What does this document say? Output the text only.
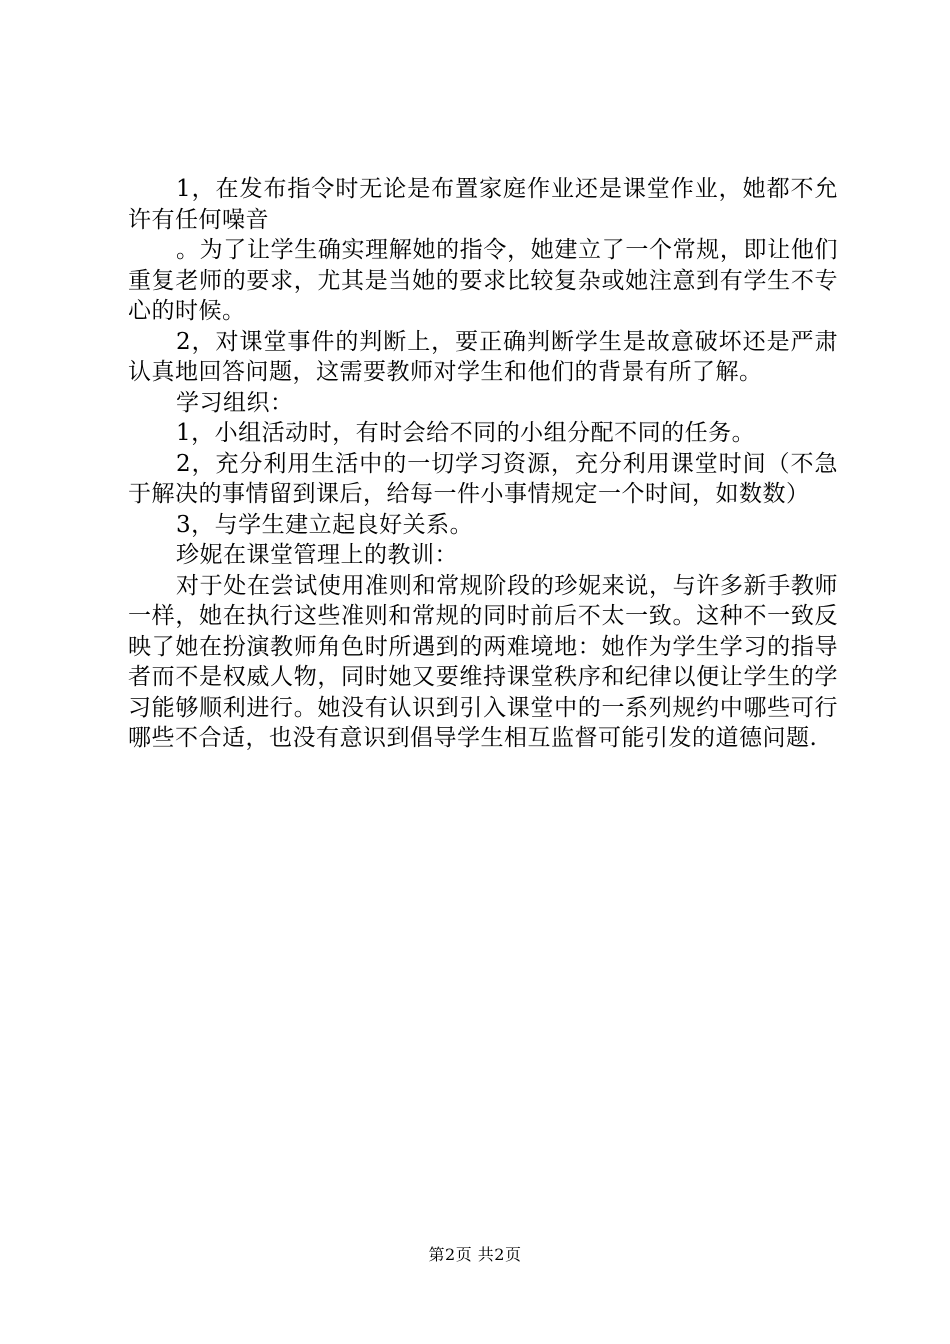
1，在发布指令时无论是布置家庭作业还是课堂作业，她都不允许有任何噪音

。为了让学生确实理解她的指令，她建立了一个常规，即让他们重复老师的要求，尤其是当她的要求比较复杂或她注意到有学生不专心的时候。

2，对课堂事件的判断上，要正确判断学生是故意破坏还是严肃认真地回答问题，这需要教师对学生和他们的背景有所了解。

学习组织：

1，小组活动时，有时会给不同的小组分配不同的任务。

2，充分利用生活中的一切学习资源，充分利用课堂时间（不急于解决的事情留到课后，给每一件小事情规定一个时间，如数数）

3，与学生建立起良好关系。

珍妮在课堂管理上的教训：

对于处在尝试使用准则和常规阶段的珍妮来说，与许多新手教师一样，她在执行这些准则和常规的同时前后不太一致。这种不一致反映了她在扮演教师角色时所遇到的两难境地：她作为学生学习的指导者而不是权威人物，同时她又要维持课堂秩序和纪律以便让学生的学习能够顺利进行。她没有认识到引入课堂中的一系列规约中哪些可行哪些不合适，也没有意识到倡导学生相互监督可能引发的道德问题.

第2页 共2页
